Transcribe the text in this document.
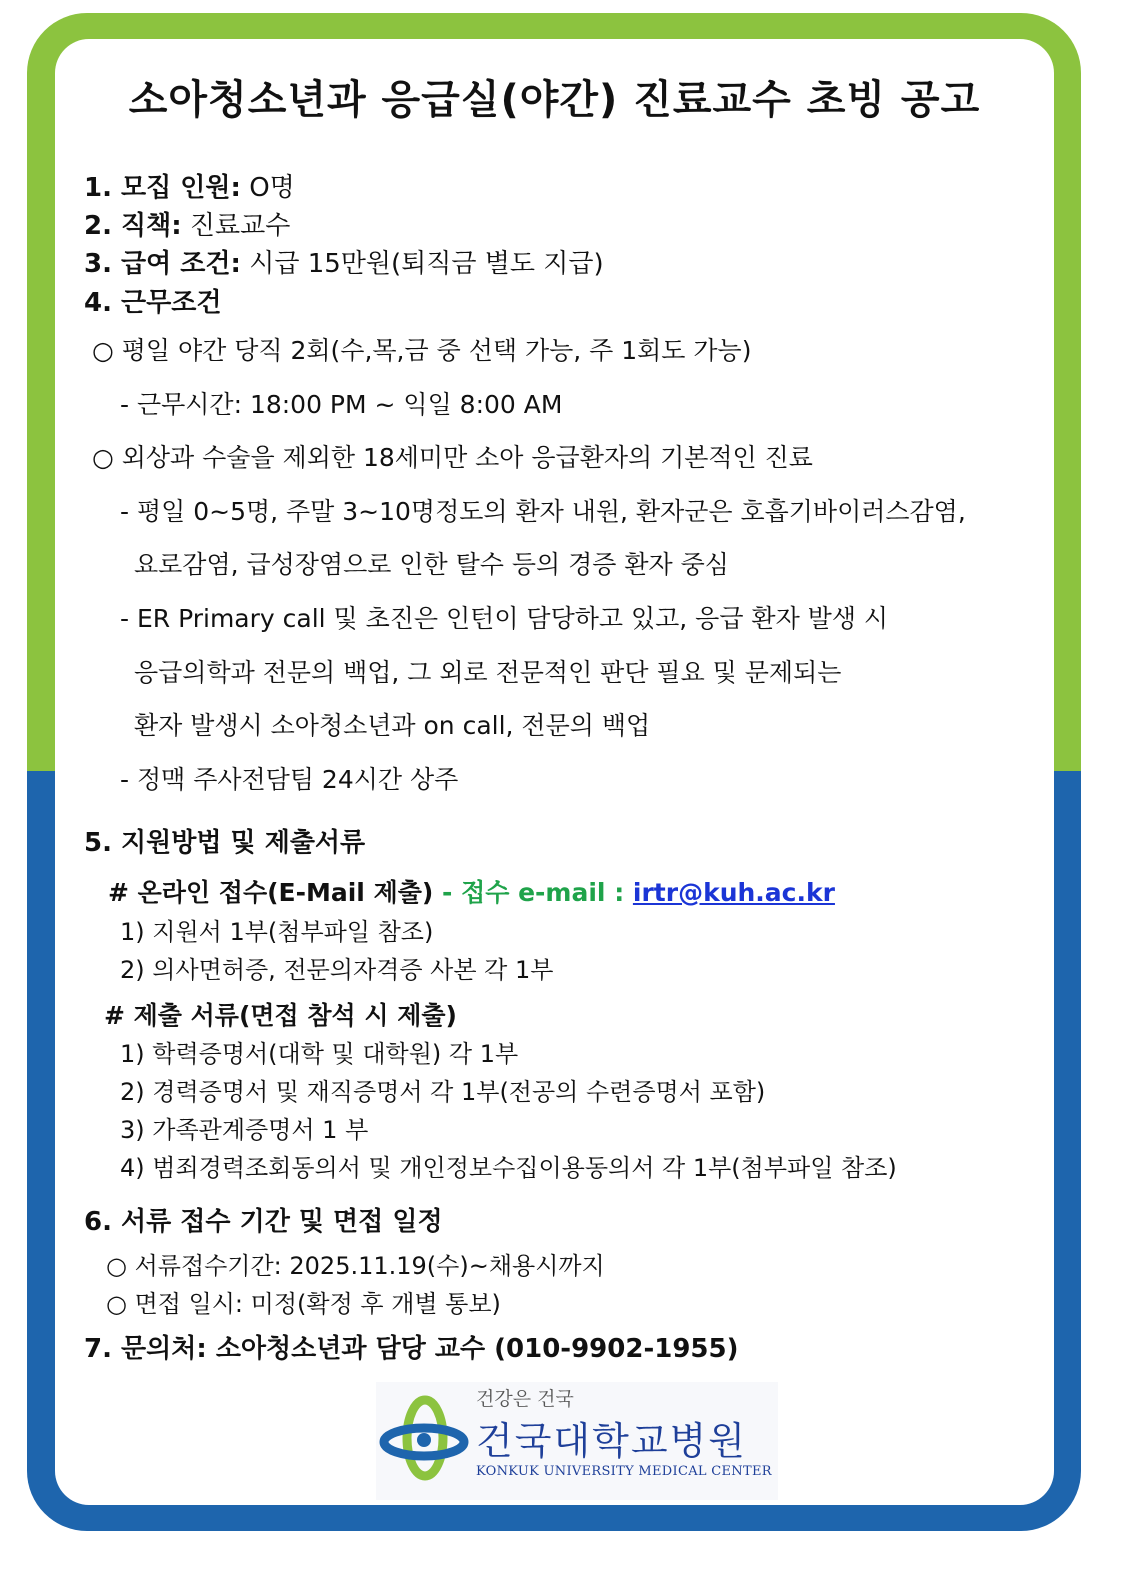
소아청소년과 응급실(야간) 진료교수 초빙 공고
1. 모집 인원: O명
2. 직책: 진료교수
3. 급여 조건: 시급 15만원(퇴직금 별도 지급)
4. 근무조건
○ 평일 야간 당직 2회(수,목,금 중 선택 가능, 주 1회도 가능)
- 근무시간: 18:00 PM ~ 익일 8:00 AM
○ 외상과 수술을 제외한 18세미만 소아 응급환자의 기본적인 진료
- 평일 0~5명, 주말 3~10명정도의 환자 내원, 환자군은 호흡기바이러스감염,
요로감염, 급성장염으로 인한 탈수 등의 경증 환자 중심
- ER Primary call 및 초진은 인턴이 담당하고 있고, 응급 환자 발생 시
응급의학과 전문의 백업, 그 외로 전문적인 판단 필요 및 문제되는
환자 발생시 소아청소년과 on call, 전문의 백업
- 정맥 주사전담팀 24시간 상주
5. 지원방법 및 제출서류
# 온라인 접수(E-Mail 제출) - 접수 e-mail : irtr@kuh.ac.kr
1) 지원서 1부(첨부파일 참조)
2) 의사면허증, 전문의자격증 사본 각 1부
# 제출 서류(면접 참석 시 제출)
1) 학력증명서(대학 및 대학원) 각 1부
2) 경력증명서 및 재직증명서 각 1부(전공의 수련증명서 포함)
3) 가족관계증명서 1 부
4) 범죄경력조회동의서 및 개인정보수집이용동의서 각 1부(첨부파일 참조)
6. 서류 접수 기간 및 면접 일정
○ 서류접수기간: 2025.11.19(수)~채용시까지
○ 면접 일시: 미정(확정 후 개별 통보)
7. 문의처: 소아청소년과 담당 교수 (010-9902-1955)
건강은 건국
건국대학교병원
KONKUK UNIVERSITY MEDICAL CENTER
